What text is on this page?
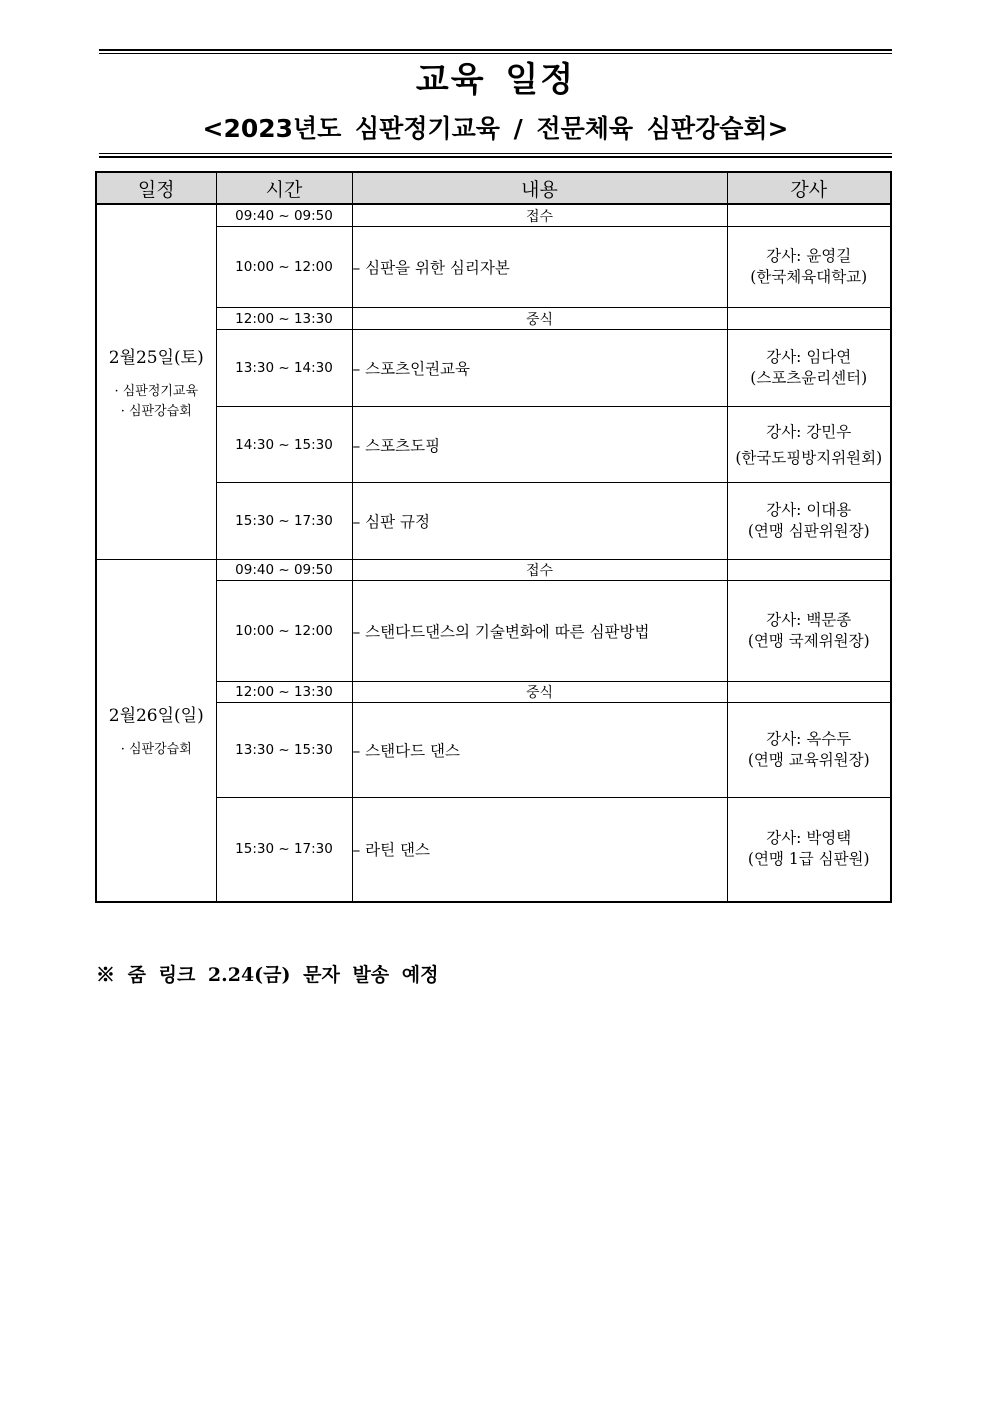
교육 일정
<2023년도 심판정기교육 / 전문체육 심판강습회>
일정	시간	내용	강사

2월25일(토)
· 심판정기교육
· 심판강습회	09:40 ~ 09:50	접수	
	10:00 ~ 12:00	– 심판을 위한 심리자본	강사: 윤영길
(한국체육대학교)

	12:00 ~ 13:30	중식	
	13:30 ~ 14:30	– 스포츠인권교육	강사: 임다연
(스포츠윤리센터)

	14:30 ~ 15:30	– 스포츠도핑	강사: 강민우
(한국도핑방지위원회)

	15:30 ~ 17:30	– 심판 규정	강사: 이대용
(연맹 심판위원장)

2월26일(일)
· 심판강습회	09:40 ~ 09:50	접수	
	10:00 ~ 12:00	– 스탠다드댄스의 기술변화에 따른 심판방법	강사: 백문종
(연맹 국제위원장)

	12:00 ~ 13:30	중식	
	13:30 ~ 15:30	– 스탠다드 댄스	강사: 옥수두
(연맹 교육위원장)

	15:30 ~ 17:30	– 라틴 댄스	강사: 박영택
(연맹 1급 심판원)
※ 줌 링크 2.24(금) 문자 발송 예정
